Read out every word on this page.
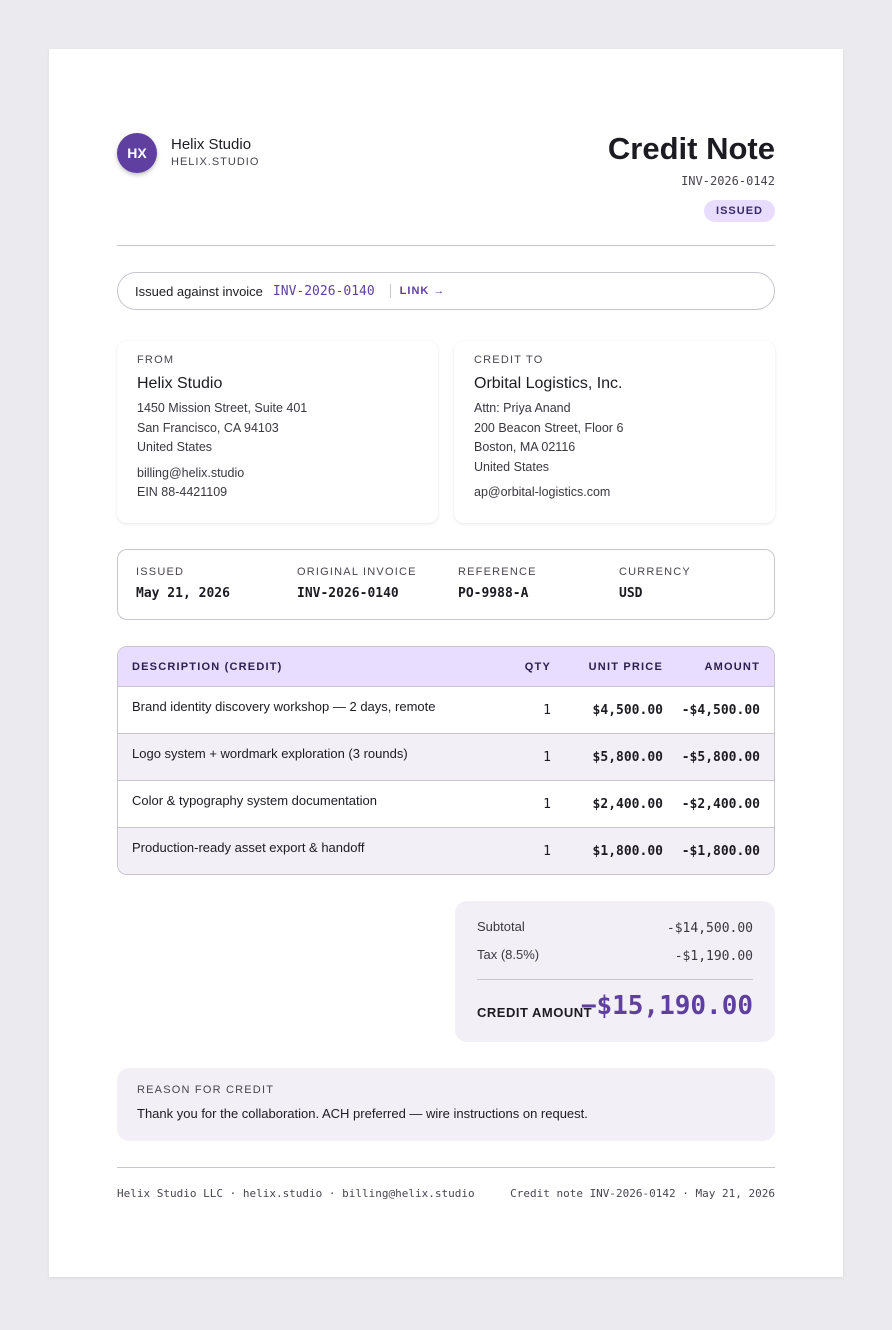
HX	Helix Studio
HELIX.STUDIO	Credit Note
INV-2026-0142
ISSUED
Issued against invoice INV-2026-0140 LINK →
FROM
Helix Studio
1450 Mission Street, Suite 401
San Francisco, CA 94103
United States
billing@helix.studio
EIN 88-4421109
CREDIT TO
Orbital Logistics, Inc.
Attn: Priya Anand
200 Beacon Street, Floor 6
Boston, MA 02116
United States
ap@orbital-logistics.com
ISSUED
May 21, 2026
ORIGINAL INVOICE
INV-2026-0140
REFERENCE
PO-9988-A
CURRENCY
USD
DESCRIPTION (CREDIT)	QTY	UNIT PRICE	AMOUNT
Brand identity discovery workshop — 2 days, remote	1	$4,500.00	-$4,500.00
Logo system + wordmark exploration (3 rounds)	1	$5,800.00	-$5,800.00
Color & typography system documentation	1	$2,400.00	-$2,400.00
Production-ready asset export & handoff	1	$1,800.00	-$1,800.00
Subtotal	-$14,500.00
Tax (8.5%)	-$1,190.00
CREDIT AMOUNT
−$15,190.00
REASON FOR CREDIT
Thank you for the collaboration. ACH preferred — wire instructions on request.
Helix Studio LLC · helix.studio · billing@helix.studio	Credit note INV-2026-0142 · May 21, 2026
